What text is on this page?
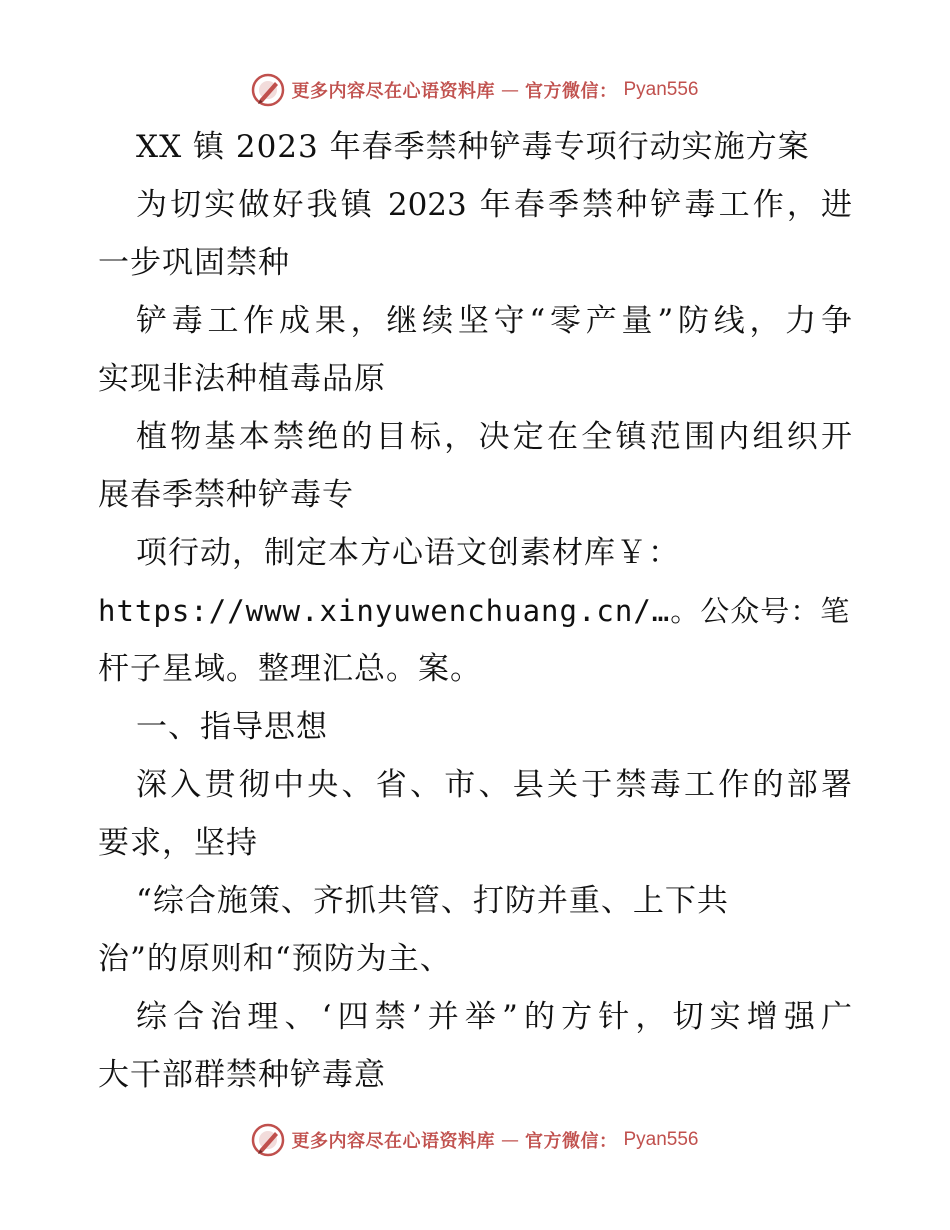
更多内容尽在心语资料库 — 官方微信： Pyan556
XX 镇 2023 年春季禁种铲毒专项行动实施方案
为切实做好我镇 2023 年春季禁种铲毒工作，进
一步巩固禁种
铲毒工作成果，继续坚守“零产量”防线，力争
实现非法种植毒品原
植物基本禁绝的目标，决定在全镇范围内组织开
展春季禁种铲毒专
项行动，制定本方心语文创素材库￥：
https://www.xinyuwenchuang.cn/…。公众号：笔
杆子星域。整理汇总。案。
一、指导思想
深入贯彻中央、省、市、县关于禁毒工作的部署
要求，坚持
“综合施策、齐抓共管、打防并重、上下共
治”的原则和“预防为主、
综合治理、‘四禁’并举”的方针，切实增强广
大干部群禁种铲毒意
更多内容尽在心语资料库 — 官方微信： Pyan556
